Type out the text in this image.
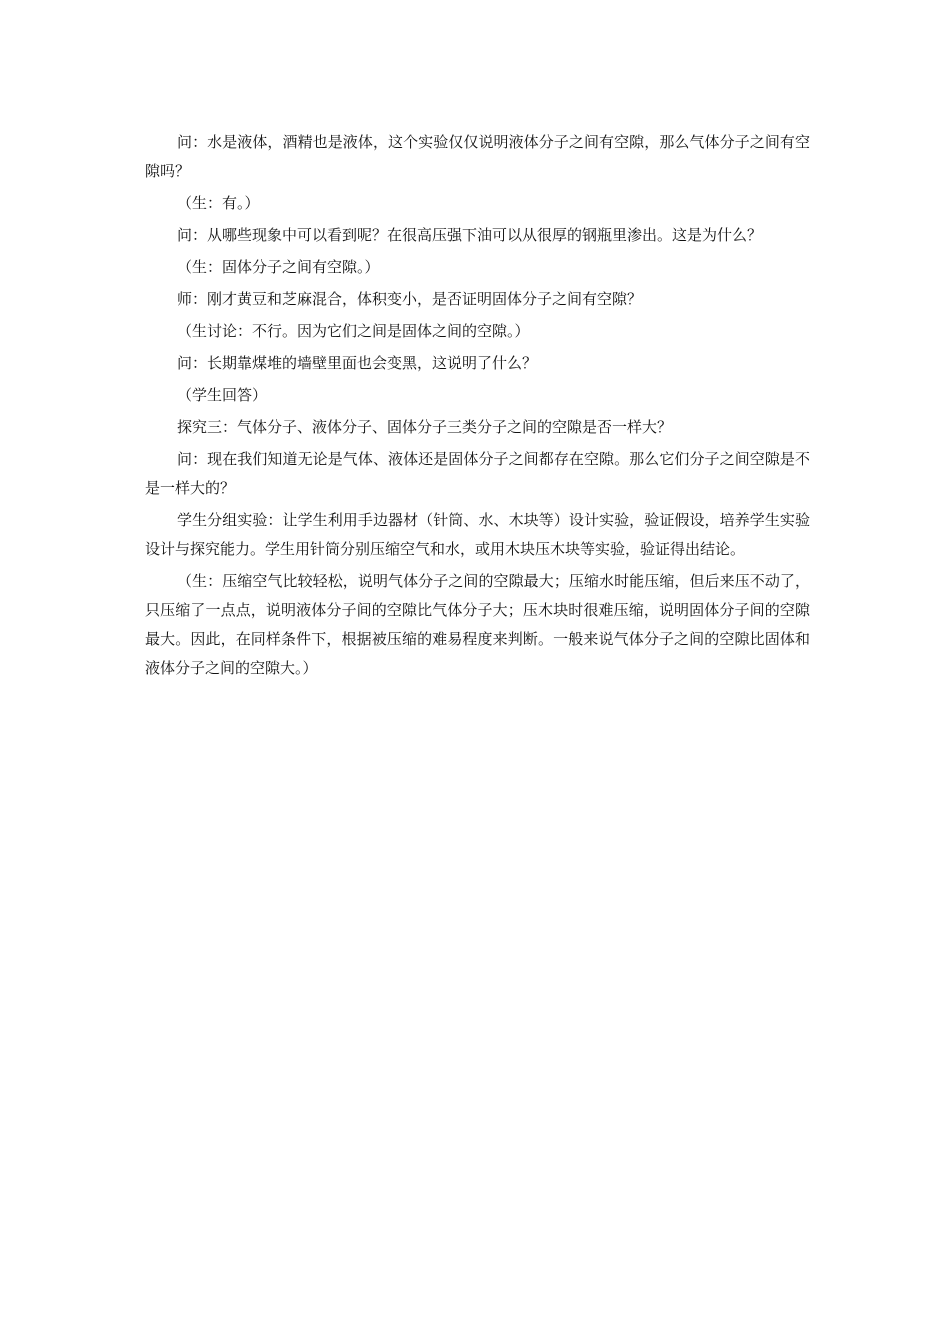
问：水是液体，酒精也是液体，这个实验仅仅说明液体分子之间有空隙，那么气体分子之间有空隙吗？

（生：有。）

问：从哪些现象中可以看到呢？在很高压强下油可以从很厚的钢瓶里渗出。这是为什么？

（生：固体分子之间有空隙。）

师：刚才黄豆和芝麻混合，体积变小，是否证明固体分子之间有空隙？

（生讨论：不行。因为它们之间是固体之间的空隙。）

问：长期靠煤堆的墙壁里面也会变黑，这说明了什么？

（学生回答）

探究三：气体分子、液体分子、固体分子三类分子之间的空隙是否一样大？

问：现在我们知道无论是气体、液体还是固体分子之间都存在空隙。那么它们分子之间空隙是不是一样大的？

学生分组实验：让学生利用手边器材（针筒、水、木块等）设计实验，验证假设，培养学生实验设计与探究能力。学生用针筒分别压缩空气和水，或用木块压木块等实验，验证得出结论。

（生：压缩空气比较轻松，说明气体分子之间的空隙最大；压缩水时能压缩，但后来压不动了，只压缩了一点点，说明液体分子间的空隙比气体分子大；压木块时很难压缩，说明固体分子间的空隙最大。因此，在同样条件下，根据被压缩的难易程度来判断。一般来说气体分子之间的空隙比固体和液体分子之间的空隙大。）
